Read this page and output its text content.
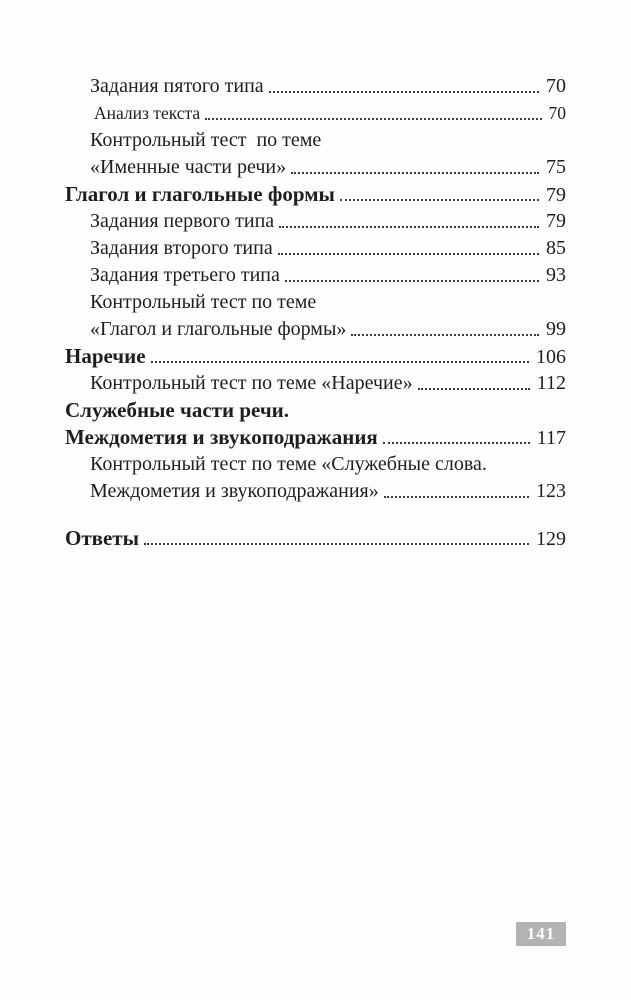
Задания пятого типа	70
Анализ текста	70
Контрольный тест  по теме
«Именные части речи»	75
Глагол и глагольные формы	79
Задания первого типа	79
Задания второго типа	85
Задания третьего типа	93
Контрольный тест по теме
«Глагол и глагольные формы»	99
Наречие	106
Контрольный тест по теме «Наречие»	112
Служебные части речи.
Междометия и звукоподражания	117
Контрольный тест по теме «Служебные слова.
Междометия и звукоподражания»	123
Ответы	129
141
